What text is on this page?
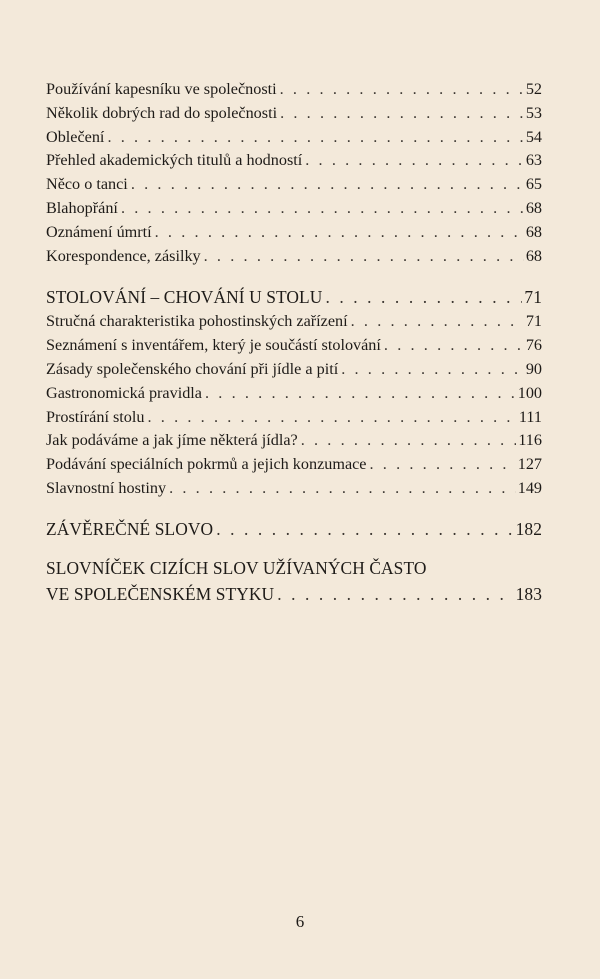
Používání kapesníku ve společnosti . . .	52
Několik dobrých rad do společnosti . . .	53
Oblečení . . .	54
Přehled akademických titulů a hodností . . .	63
Něco o tanci . . .	65
Blahopřání . . .	68
Oznámení úmrtí . . .	68
Korespondence, zásilky . . .	68
STOLOVÁNÍ – CHOVÁNÍ U STOLU . . .	71
Stručná charakteristika pohostinských zařízení . . .	71
Seznámení s inventářem, který je součástí stolování . . .	76
Zásady společenského chování při jídle a pití . . .	90
Gastronomická pravidla . . .	100
Prostírání stolu . . .	111
Jak podáváme a jak jíme některá jídla? . . .	116
Podávání speciálních pokrmů a jejich konzumace . . .	127
Slavnostní hostiny . . .	149
ZÁVĚREČNÉ SLOVO . . .	182
SLOVNÍČEK CIZÍCH SLOV UŽÍVANÝCH ČASTO
VE SPOLEČENSKÉM STYKU . . .	183
6
